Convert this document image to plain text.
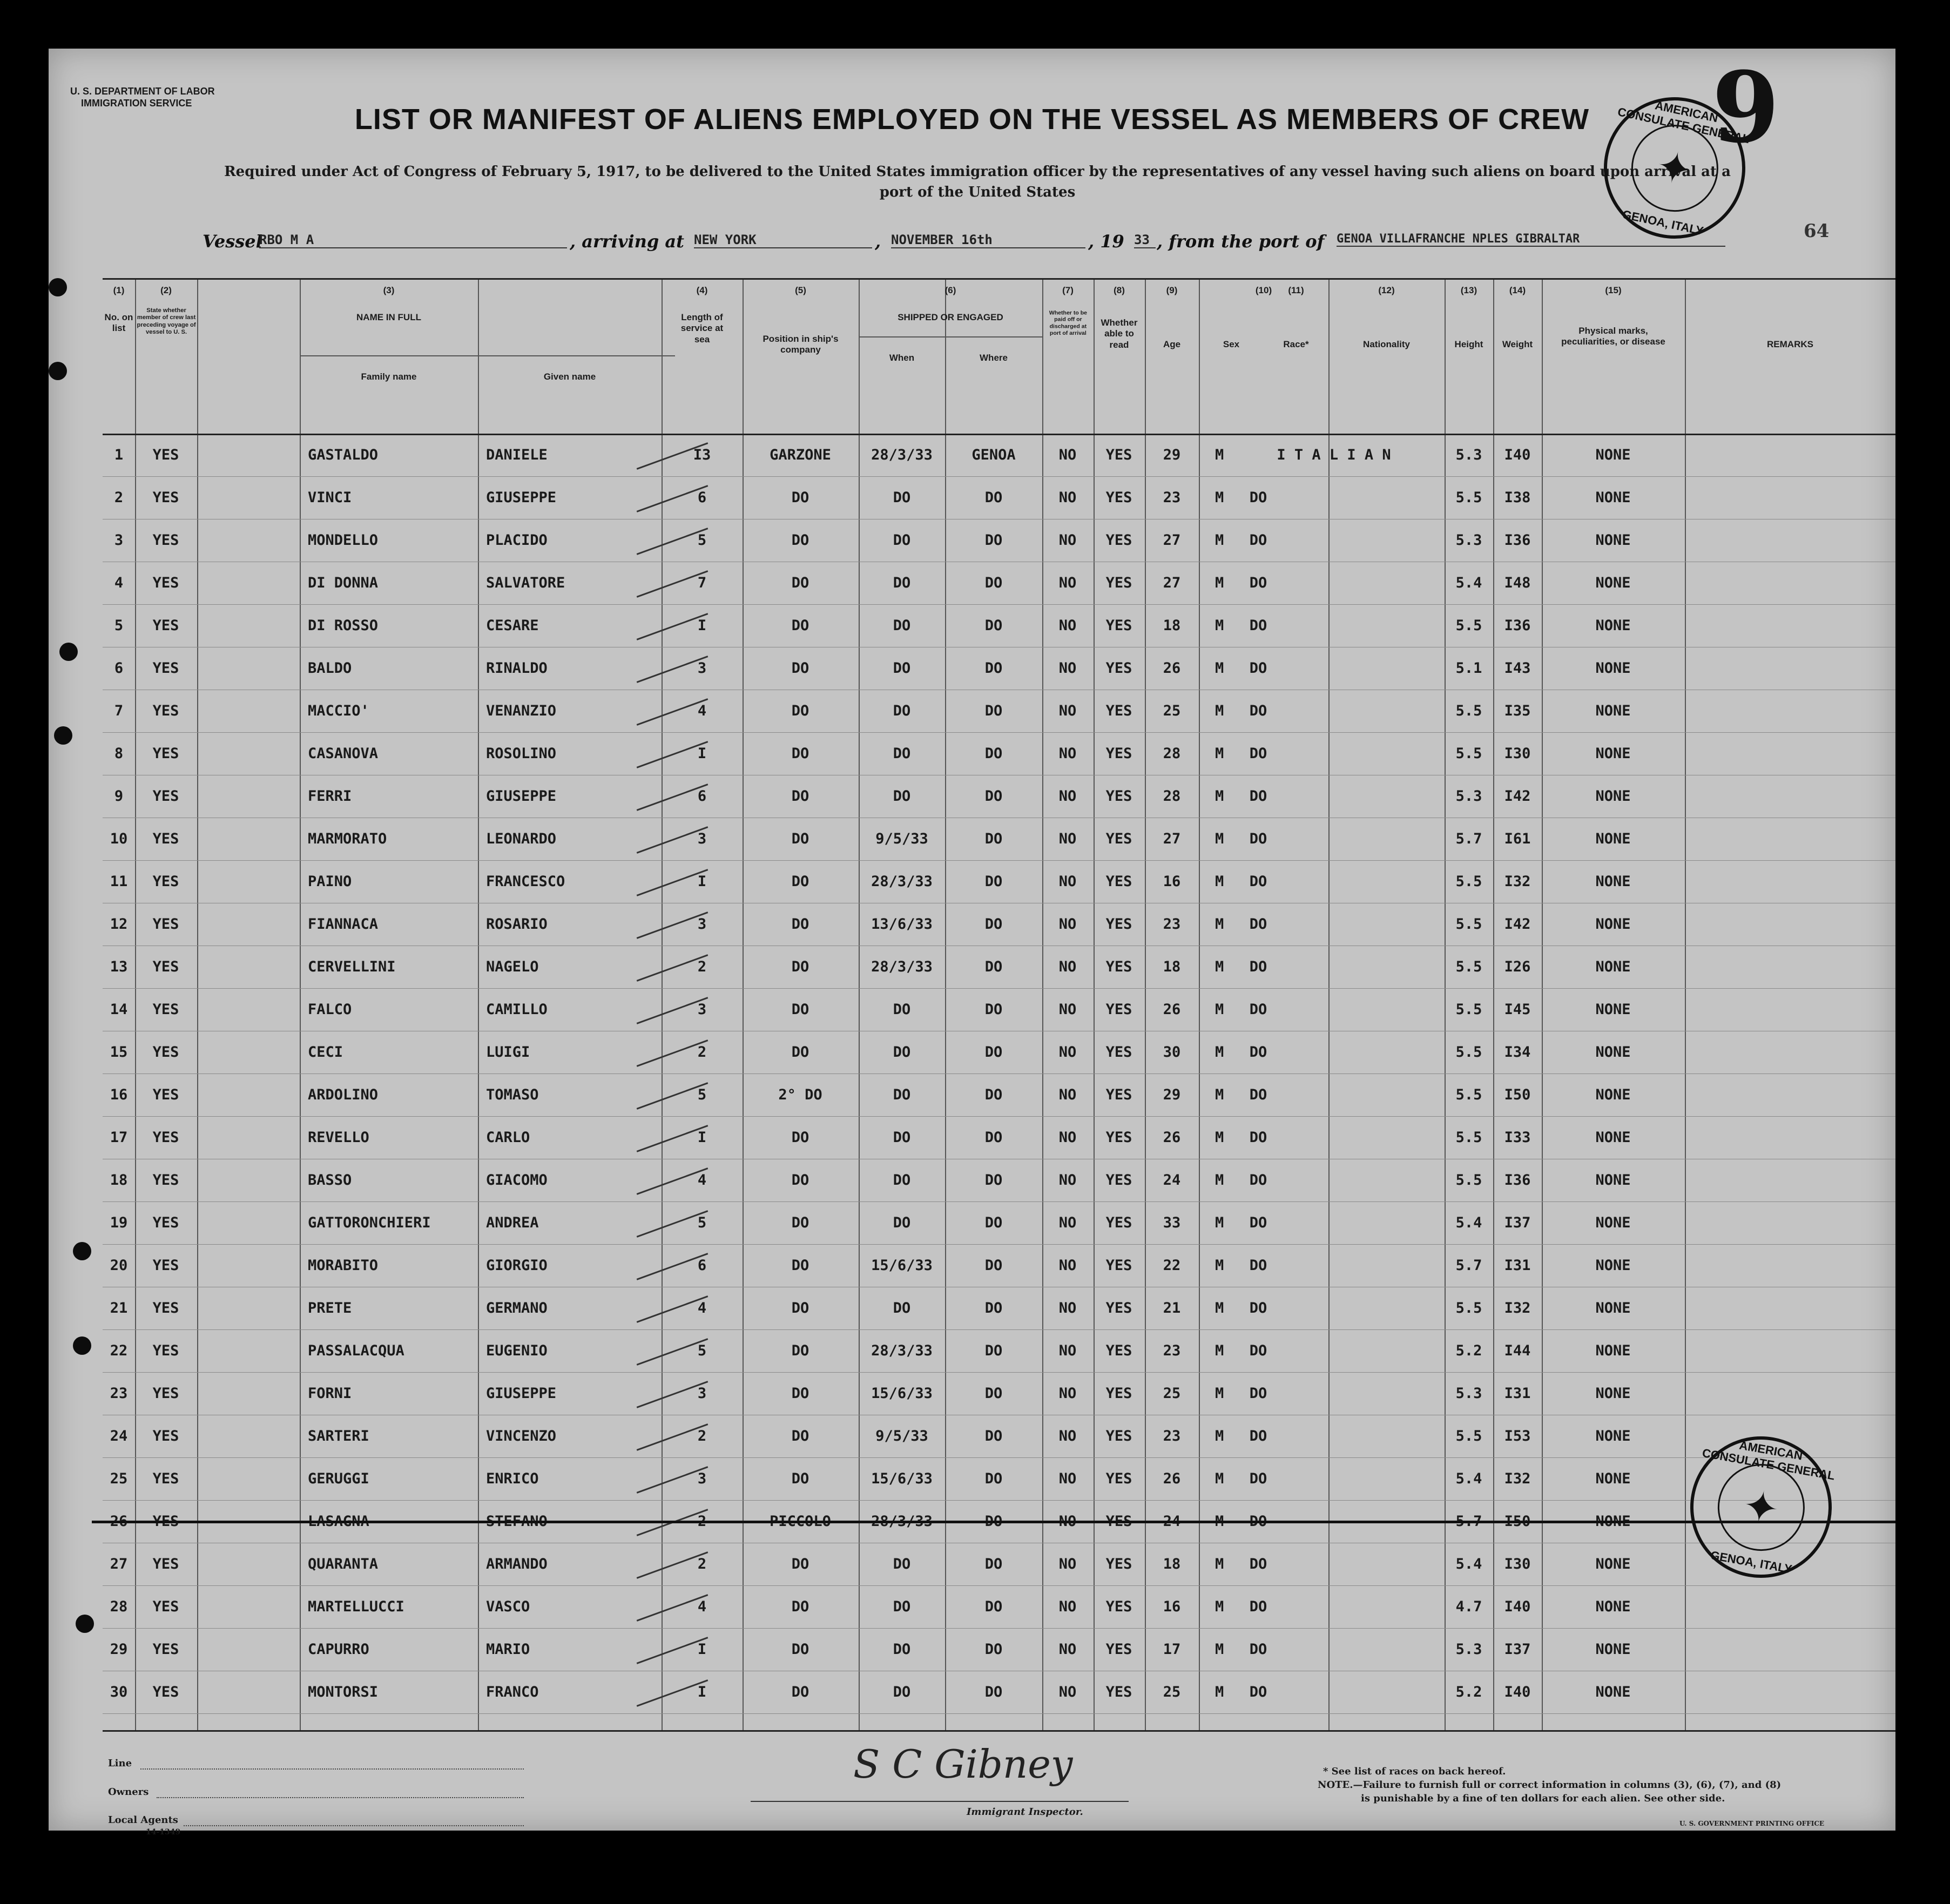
U. S. DEPARTMENT OF LABOR
IMMIGRATION SERVICE	LIST OR MANIFEST OF ALIENS EMPLOYED ON THE VESSEL AS MEMBERS OF CREW
Required under Act of Congress of February 5, 1917, to be delivered to the United States immigration officer by the representatives of any vessel having such aliens on board upon arrival at a
port of the United States
9
64
AMERICAN CONSULATE GENERAL
✦
GENOA, ITALY
Vessel
RBO M A	, arriving at NEW YORK	, NOVEMBER 16th	, 19 33 , from the port of GENOA VILLAFRANCHE NPLES GIBRALTAR
(1)
No. on list
(2)
State whether member of crew last preceding voyage of vessel to U. S.
(3)
NAME IN FULL
Family name	Given name
(4)
Length of service at sea
(5)
Position in ship's company
(6)
SHIPPED OR ENGAGED
When	Where
(7)
Whether to be paid off or discharged at port of arrival
(8)
Whether able to read
(9)
Age
(10)
Sex
(11)
Race*
(12)
Nationality
(13)
Height
(14)
Weight
(15)
Physical marks, peculiarities, or disease	REMARKS
1	YES	GASTALDO	DANIELE	I3	GARZONE	28/3/33	GENOA	NO	YES	29	M	I T A L I A N	5.3	I40	NONE
2	YES	VINCI	GIUSEPPE	6	DO	DO	DO	NO	YES	23	M	DO	5.5	I38	NONE
3	YES	MONDELLO	PLACIDO	5	DO	DO	DO	NO	YES	27	M	DO	5.3	I36	NONE
4	YES	DI DONNA	SALVATORE	7	DO	DO	DO	NO	YES	27	M	DO	5.4	I48	NONE
5	YES	DI ROSSO	CESARE	I	DO	DO	DO	NO	YES	18	M	DO	5.5	I36	NONE
6	YES	BALDO	RINALDO	3	DO	DO	DO	NO	YES	26	M	DO	5.1	I43	NONE
7	YES	MACCIO'	VENANZIO	4	DO	DO	DO	NO	YES	25	M	DO	5.5	I35	NONE
8	YES	CASANOVA	ROSOLINO	I	DO	DO	DO	NO	YES	28	M	DO	5.5	I30	NONE
9	YES	FERRI	GIUSEPPE	6	DO	DO	DO	NO	YES	28	M	DO	5.3	I42	NONE
10	YES	MARMORATO	LEONARDO	3	DO	9/5/33	DO	NO	YES	27	M	DO	5.7	I61	NONE
11	YES	PAINO	FRANCESCO	I	DO	28/3/33	DO	NO	YES	16	M	DO	5.5	I32	NONE
12	YES	FIANNACA	ROSARIO	3	DO	13/6/33	DO	NO	YES	23	M	DO	5.5	I42	NONE
13	YES	CERVELLINI	NAGELO	2	DO	28/3/33	DO	NO	YES	18	M	DO	5.5	I26	NONE
14	YES	FALCO	CAMILLO	3	DO	DO	DO	NO	YES	26	M	DO	5.5	I45	NONE
15	YES	CECI	LUIGI	2	DO	DO	DO	NO	YES	30	M	DO	5.5	I34	NONE
16	YES	ARDOLINO	TOMASO	5	2° DO	DO	DO	NO	YES	29	M	DO	5.5	I50	NONE
17	YES	REVELLO	CARLO	I	DO	DO	DO	NO	YES	26	M	DO	5.5	I33	NONE
18	YES	BASSO	GIACOMO	4	DO	DO	DO	NO	YES	24	M	DO	5.5	I36	NONE
19	YES	GATTORONCHIERI	ANDREA	5	DO	DO	DO	NO	YES	33	M	DO	5.4	I37	NONE
20	YES	MORABITO	GIORGIO	6	DO	15/6/33	DO	NO	YES	22	M	DO	5.7	I31	NONE
21	YES	PRETE	GERMANO	4	DO	DO	DO	NO	YES	21	M	DO	5.5	I32	NONE
22	YES	PASSALACQUA	EUGENIO	5	DO	28/3/33	DO	NO	YES	23	M	DO	5.2	I44	NONE
23	YES	FORNI	GIUSEPPE	3	DO	15/6/33	DO	NO	YES	25	M	DO	5.3	I31	NONE
24	YES	SARTERI	VINCENZO	2	DO	9/5/33	DO	NO	YES	23	M	DO	5.5	I53	NONE
25	YES	GERUGGI	ENRICO	3	DO	15/6/33	DO	NO	YES	26	M	DO	5.4	I32	NONE
26	YES	LASAGNA	STEFANO	2	PICCOLO	28/3/33	DO	NO	YES	24	M	DO	5.7	I50	NONE
27	YES	QUARANTA	ARMANDO	2	DO	DO	DO	NO	YES	18	M	DO	5.4	I30	NONE
28	YES	MARTELLUCCI	VASCO	4	DO	DO	DO	NO	YES	16	M	DO	4.7	I40	NONE
29	YES	CAPURRO	MARIO	I	DO	DO	DO	NO	YES	17	M	DO	5.3	I37	NONE
30	YES	MONTORSI	FRANCO	I	DO	DO	DO	NO	YES	25	M	DO	5.2	I40	NONE
AMERICAN CONSULATE GENERAL
✦
GENOA, ITALY
Line
Owners
Local Agents
14-1349
S C Gibney
Immigrant Inspector.
* See list of races on back hereof.
NOTE.—Failure to furnish full or correct information in columns (3), (6), (7), and (8)
is punishable by a fine of ten dollars for each alien. See other side.
U. S. GOVERNMENT PRINTING OFFICE
